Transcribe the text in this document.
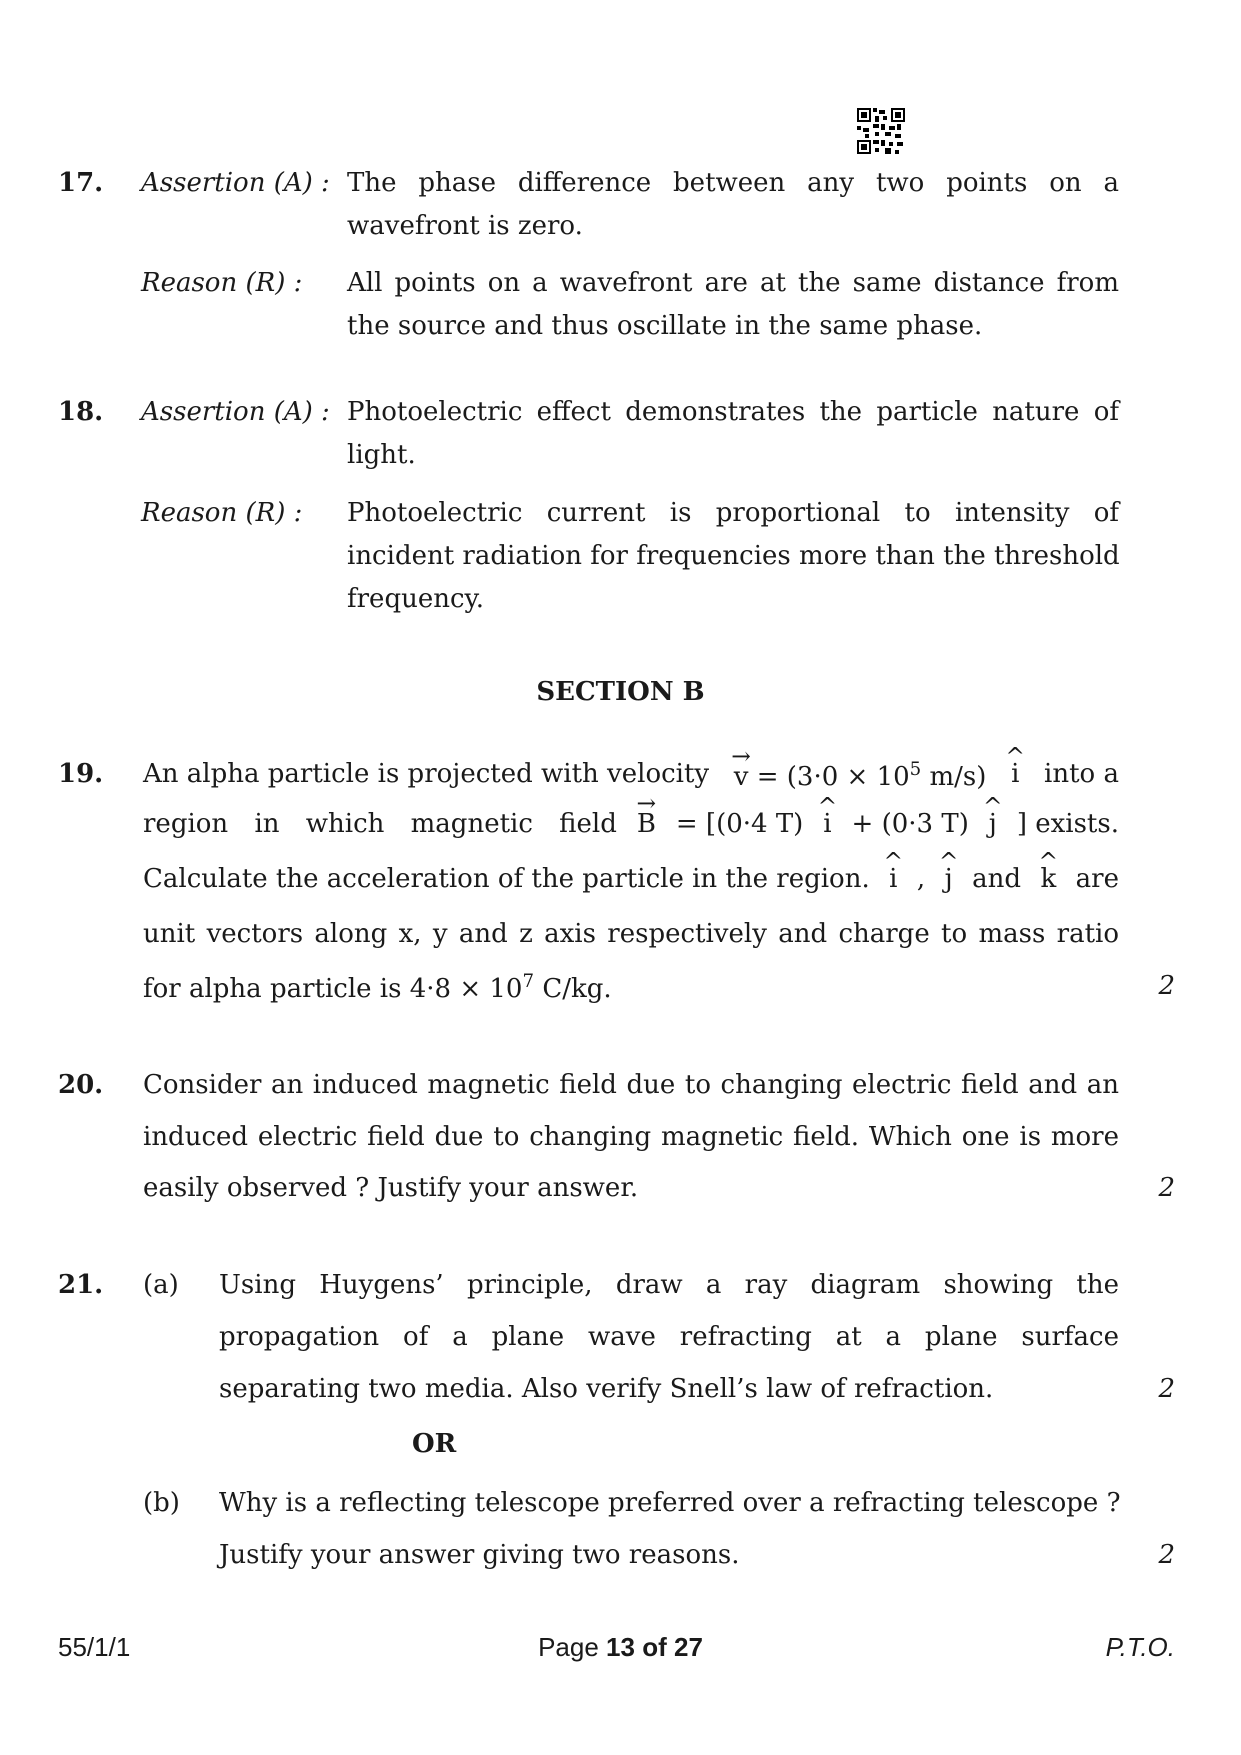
17. Assertion (A) : The phase difference between any two points on a
wavefront is zero.
Reason (R) : All points on a wavefront are at the same distance from
the source and thus oscillate in the same phase.
18. Assertion (A) : Photoelectric effect demonstrates the particle nature of
light.
Reason (R) : Photoelectric current is proportional to intensity of
incident radiation for frequencies more than the threshold
frequency.
SECTION B
19. An alpha particle is projected with velocity → $v = (3\cdot 0 \times 10^5$ m/s) ^ i into a
region in which magnetic field → B = [(0·4 T) ^ i + (0·3 T) ^ j ] exists.
Calculate the acceleration of the particle in the region. ^ i , ^ j and ^ k are
unit vectors along x, y and z axis respectively and charge to mass ratio
for alpha particle is $4\cdot 8 \times 10^7$ C/kg.	2
20. Consider an induced magnetic field due to changing electric field and an
induced electric field due to changing magnetic field. Which one is more
easily observed ? Justify your answer.	2
21. (a) Using Huygens’ principle, draw a ray diagram showing the
propagation of a plane wave refracting at a plane surface
separating two media. Also verify Snell’s law of refraction.	2
OR
(b) Why is a reflecting telescope preferred over a refracting telescope ?
Justify your answer giving two reasons.	2
55/1/1	Page 13 of 27	P.T.O.
